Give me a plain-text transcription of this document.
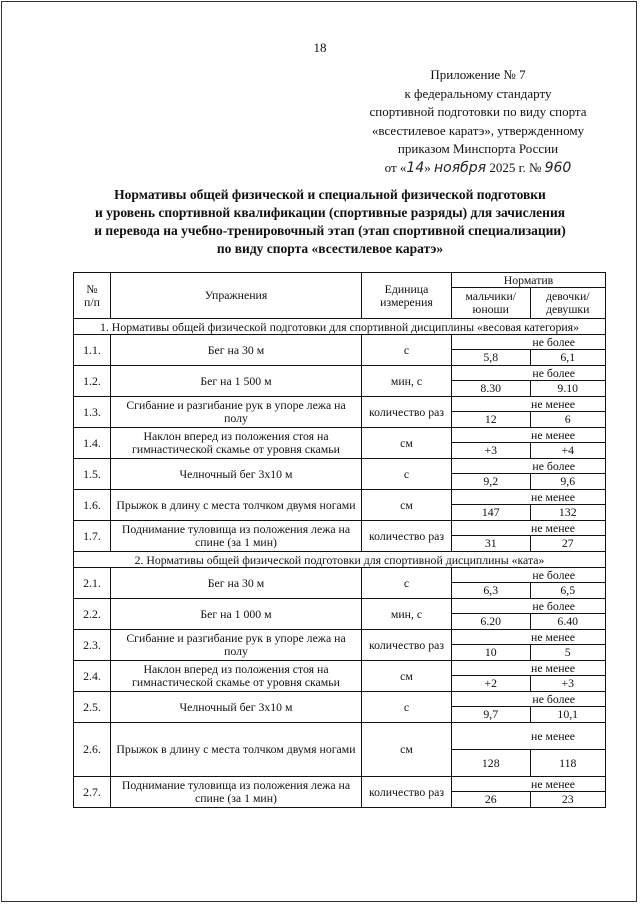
18
Приложение № 7
к федеральному стандарту
спортивной подготовки по виду спорта
«всестилевое каратэ», утвержденному
приказом Минспорта России
от «14» ноября 2025 г. № 960
Нормативы общей физической и специальной физической подготовки
и уровень спортивной квалификации (спортивные разряды) для зачисления
и перевода на учебно-тренировочный этап (этап спортивной специализации)
по виду спорта «всестилевое каратэ»
№
п/п	Упражнения	Единица измерения	Норматив	
			мальчики/ юноши	девочки/ девушки
1. Нормативы общей физической подготовки для спортивной дисциплины «весовая категория»				
1.1.	Бег на 30 м	с	не более	
			5,8	6,1
1.2.	Бег на 1 500 м	мин, с	не более	
			8.30	9.10
1.3.	Сгибание и разгибание рук в упоре лежа на полу	количество раз	не менее	
			12	6
1.4.	Наклон вперед из положения стоя на гимнастической скамье от уровня скамьи	см	не менее	
			+3	+4
1.5.	Челночный бег 3x10 м	с	не более	
			9,2	9,6
1.6.	Прыжок в длину с места толчком двумя ногами	см	не менее	
			147	132
1.7.	Поднимание туловища из положения лежа на спине (за 1 мин)	количество раз	не менее	
			31	27
2. Нормативы общей физической подготовки для спортивной дисциплины «ката»				
2.1.	Бег на 30 м	с	не более	
			6,3	6,5
2.2.	Бег на 1 000 м	мин, с	не более	
			6.20	6.40
2.3.	Сгибание и разгибание рук в упоре лежа на полу	количество раз	не менее	
			10	5
2.4.	Наклон вперед из положения стоя на гимнастической скамье от уровня скамьи	см	не менее	
			+2	+3
2.5.	Челночный бег 3x10 м	с	не более	
			9,7	10,1
2.6.	Прыжок в длину с места толчком двумя ногами	см	не менее	
			128	118
2.7.	Поднимание туловища из положения лежа на спине (за 1 мин)	количество раз	не менее	
			26	23
